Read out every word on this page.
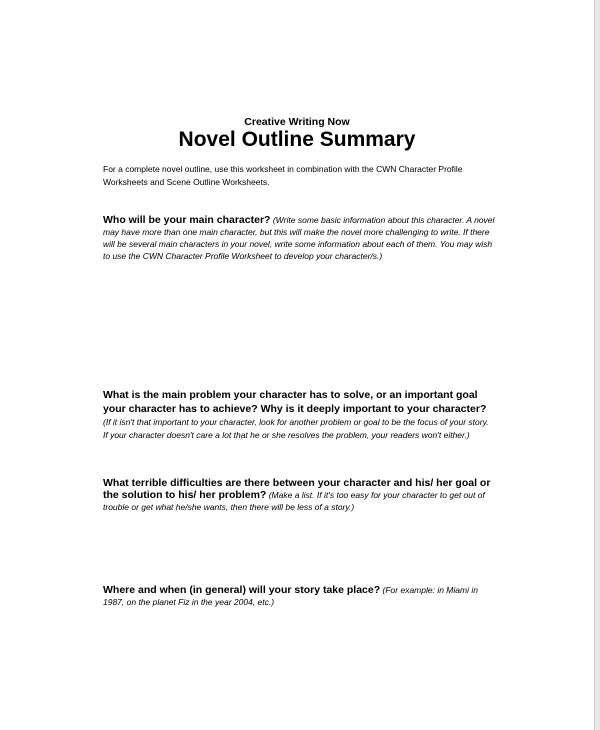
Creative Writing Now
Novel Outline Summary
For a complete novel outline, use this worksheet in combination with the CWN Character Profile Worksheets and Scene Outline Worksheets.
Who will be your main character? (Write some basic information about this character. A novel may have more than one main character, but this will make the novel more challenging to write. If there will be several main characters in your novel, write some information about each of them. You may wish to use the CWN Character Profile Worksheet to develop your character/s.)
What is the main problem your character has to solve, or an important goal your character has to achieve? Why is it deeply important to your character?
(If it isn't that important to your character, look for another problem or goal to be the focus of your story. If your character doesn't care a lot that he or she resolves the problem, your readers won't either.)
What terrible difficulties are there between your character and his/ her goal or the solution to his/ her problem? (Make a list. If it's too easy for your character to get out of trouble or get what he/she wants, then there will be less of a story.)
Where and when (in general) will your story take place? (For example: in Miami in 1987, on the planet Fiz in the year 2004, etc.)
